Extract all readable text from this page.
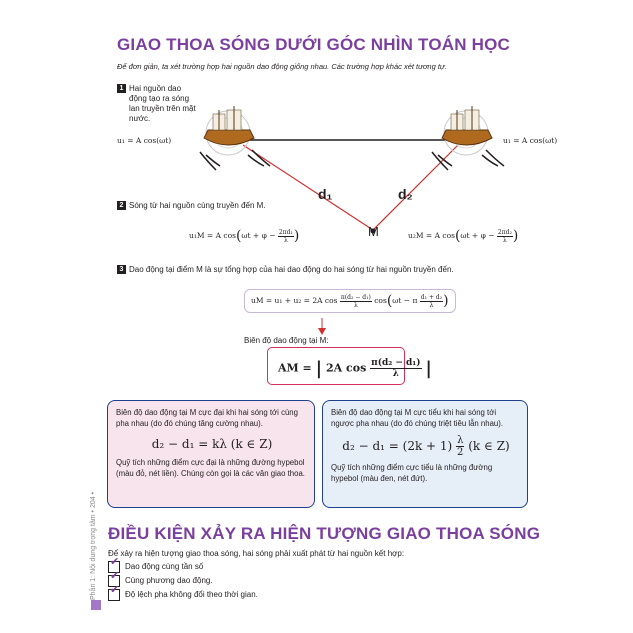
GIAO THOA SÓNG DƯỚI GÓC NHÌN TOÁN HỌC
Để đơn giản, ta xét trường hợp hai nguồn dao động giống nhau. Các trường hợp khác xét tương tự.
1 Hai nguồn dao động tạo ra sóng lan truyền trên mặt nước.
u₁ = A cos(ωt)	u₁ = A cos(ωt)
d₁	d₂
M
2 Sóng từ hai nguồn cùng truyền đến M.
u₁M = A $\cos(\omega t + \varphi - \frac{\text{2πd₁}}{\lambda}$ )	u₂M = A $\cos(\omega t + \varphi - \frac{\text{2πd₂}}{\lambda}$ )
3 Dao động tại điểm M là sự tổng hợp của hai dao động do hai sóng từ hai nguồn truyền đến.
uM = u₁ + u₂ = 2A $\cos \frac{\text{π(d₂ − d₁)}}{\lambda} \cos(\omega t - \pi \frac{\text{d₁ + d₂}}{\lambda}$ )
Biên độ dao động tại M:
AM = | 2A $\cos \frac{\text{π(d₂ − d₁)}}{\lambda}$ |

Biên độ dao động tại M cực đại khi hai sóng tới cùng pha nhau (do đó chúng tăng cường nhau).

d₂ − d₁ = kλ (k ∈ Z)

Quỹ tích những điểm cực đại là những đường hypebol (màu đỏ, nét liền). Chúng còn gọi là các vân giao thoa.

Biên độ dao động tại M cực tiểu khi hai sóng tới ngược pha nhau (do đó chúng triệt tiêu lẫn nhau).

$d_2 - d_1 = (2k + 1) \frac{\lambda}{2} (k$ ∈ Z)

Quỹ tích những điểm cực tiểu là những đường hypebol (màu đen, nét đứt).

ĐIỀU KIỆN XẢY RA HIỆN TƯỢNG GIAO THOA SÓNG
Để xảy ra hiện tượng giao thoa sóng, hai sóng phải xuất phát từ hai nguồn kết hợp:
✔Dao động cùng tần số
✔Cùng phương dao động.
✔Độ lệch pha không đổi theo thời gian.
Phần 1: Nội dung trọng tâm • 204 •
